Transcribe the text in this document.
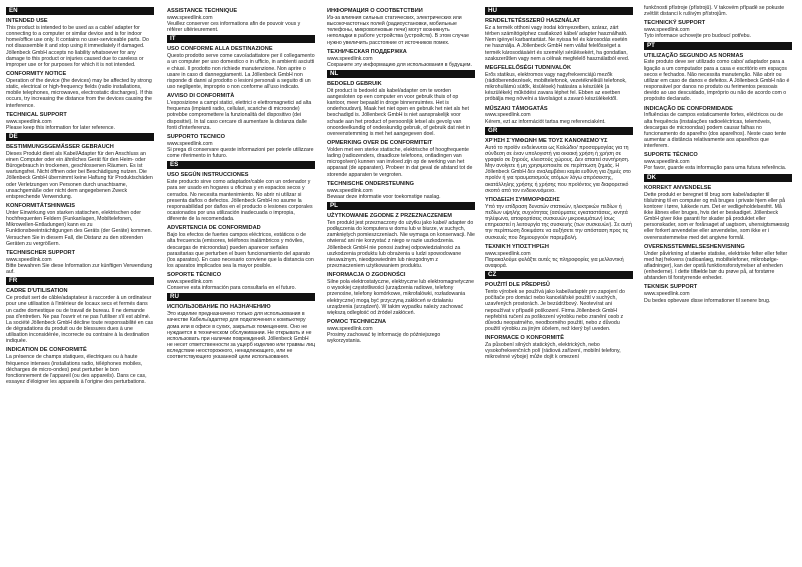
EN
INTENDED USE
This product is intended to be used as a cable/ adapter for connecting to a computer or similar device and is for indoor home/office use only. It contains no user-serviceable parts. Do not disassemble it and stop using it immediately if damaged. Jöllenbeck GmbH accepts no liability whatsoever for any damage to this product or injuries caused due to careless or improper use or for purposes for which it is not intended.
CONFORMITY NOTICE
Operation of the device (the devices) may be affected by strong static, electrical or high-frequency fields (radio installations, mobile telephones, microwaves, electrostatic discharges). If this occurs, try increasing the distance from the devices causing the interference.
TECHNICAL SUPPORT
www.speedlink.com
Please keep this information for later reference.
DE
BESTIMMUNGSGEMÄSSER GEBRAUCH
Dieses Produkt dient als Kabel/Adapter für den Anschluss an einen Computer oder ein ähnliches Gerät für den Heim- oder Bürogebrauch in trockenen, geschlossenen Räumen. Es ist wartungsfrei. Nicht öffnen oder bei Beschädigung nutzen. Die Jöllenbeck GmbH übernimmt keine Haftung für Produktschäden oder Verletzungen von Personen durch unachtsame, unsachgemäße oder nicht dem angegebenen Zweck entsprechende Verwendung.
KONFORMITÄTSHINWEIS
Unter Einwirkung von starken statischen, elektrischen oder hochfrequenten Feldern (Funkanlagen, Mobiltelefonen, Mikrowellen-Entladungen) kann es zu Funktionsbeeinträchtigungen des Geräts (der Geräte) kommen. Versuchen Sie in diesem Fall, die Distanz zu den störenden Geräten zu vergrößern.
TECHNISCHER SUPPORT
www.speedlink.com
Bitte bewahren Sie diese Information zur künftigen Verwendung auf.
FR
CADRE D'UTILISATION
Ce produit sert de câble/adaptateur à raccorder à un ordinateur pour une utilisation à l'intérieur de locaux secs et fermés dans un cadre domestique ou de travail de bureau. Il ne demande pas d'entretien. Ne pas l'ouvrir et ne pas l'utiliser s'il est abîmé. La société Jöllenbeck GmbH décline toute responsabilité en cas de dégradations du produit ou de blessures dues à une utilisation inconsidérée, incorrecte ou contraire à la destination indiquée.
INDICATION DE CONFORMITÉ
La présence de champs statiques, électriques ou à haute fréquence intenses (installations radio, téléphones mobiles, décharges de micro-ondes) peut perturber le bon fonctionnement de l'appareil (ou des appareils). Dans ce cas, essayez d'éloigner les appareils à l'origine des perturbations.
ASSISTANCE TECHNIQUE
www.speedlink.com
Veuillez conserver ces informations afin de pouvoir vous y référer ultérieurement.
IT
USO CONFORME ALLA DESTINAZIONE
Questo prodotto serve come cavo/adattatore per il collegamento a un computer per uso domestico o in ufficio, in ambienti asciutti e chiusi. Il prodotto non richiede manutenzione. Non aprire o usare in caso di danneggiamenti. La Jöllenbeck GmbH non risponde di danni al prodotto o lesioni personali a seguito di un uso negligente, improprio o non conforme all'uso indicato.
AVVISO DI CONFORMITÀ
L'esposizione a campi statici, elettrici o elettromagnetici ad alta frequenza (impianti radio, cellulari, scariche di microonde) potrebbe compromettere la funzionalità del dispositivo (dei dispositivi). In tal caso cercare di aumentare la distanza dalle fonti d'interferenza.
SUPPORTO TECNICO
www.speedlink.com
Si prega di conservare queste informazioni per poterle utilizzare come riferimento in futuro.
ES
USO SEGÚN INSTRUCCIONES
Este producto sirve como adaptador/cable con un ordenador y para ser usado en hogares u oficinas y en espacios secos y cerrados. No necesita mantenimiento. No abrir ni utilizar si presenta daños o defectos. Jöllenbeck GmbH no asume la responsabilidad por daños en el producto o lesiones corporales ocasionados por una utilización inadecuada o impropia, diferente de la recomendada.
ADVERTENCIA DE CONFORMIDAD
Bajo los efectos de fuertes campos eléctricos, estáticos o de alta frecuencia (emisores, teléfonos inalámbricos y móviles, descargas de microondas) pueden aparecer señales parasitarias que perturben el buen funcionamiento del aparato (los aparatos). En caso necesario conviene que la distancia con los aparatos implicados sea la mayor posible.
SOPORTE TÉCNICO
www.speedlink.com
Conserve esta información para consultarla en el futuro.
RU
ИСПОЛЬЗОВАНИЕ ПО НАЗНАЧЕНИЮ
Это изделие предназначено только для использования в качестве Кабель/адаптер для подключения к компьютеру дома или в офисе в сухих, закрытых помещениях. Оно не нуждается в техническом обслуживании. Не открывать и не использовать при наличии повреждений. Jöllenbeck GmbH не несет ответственности за ущерб изделию или травмы лиц вследствие неосторожного, ненадлежащего, или не соответствующего указанной цели использования.
ИНФОРМАЦИЯ О СООТВЕТСТВИИ
Из-за влияния сильных статических, электрических или высокочастотных полей (радиоустановки, мобильные телефоны, микроволновые печи) могут возникнуть неполадки в работе устройства (устройств). В этом случае нужно увеличить расстояние от источников помех.
ТЕХНИЧЕСКАЯ ПОДДЕРЖКА
www.speedlink.com
Сохраните эту информацию для использования в будущем.
NL
BEDOELD GEBRUIK
Dit product is bedoeld als kabel/adapter om te worden aangesloten op een computer en voor gebruik thuis of op kantoor, meer bepaald in droge binnenruimtes. Het is onderhoudsvrij. Maak het niet open en gebruik het niet als het beschadigd is. Jöllenbeck GmbH is niet aansprakelijk voor schade aan het product of persoonlijk letsel als gevolg van onoordeelkundig of ondeskundig gebruik, of gebruik dat niet in overeenstemming is met het aangegeven doel.
OPMERKING OVER DE CONFORMITEIT
Volden met een sterke statische, elektrische of hoogfrequente lading (radiozenders, draadloze telefoons, ontladingen van microgolven) kunnen van invloed zijn op de werking van het apparaat (de apparaten). Probeer in dat geval de afstand tot de storende apparaten te vergroten.
TECHNISCHE ONDERSTEUNING
www.speedlink.com
Bewaar deze informatie voor toekomstige naslag.
PL
UŻYTKOWANIE ZGODNE Z PRZEZNACZENIEM
Ten produkt jest przeznaczony do użytku jako kabel/ adapter do podłączenia do komputera w domu lub w biurze, w suchych, zamkniętych pomieszczeniach. Nie wymaga on konserwacji. Nie otwierać ani nie korzystać z niego w razie uszkodzenia. Jöllenbeck GmbH nie ponosi żadnej odpowiedzialności za uszkodzenia produktu lub obrażenia u ludzi spowodowane nieuważnym, nieodpowiednim lub niezgodnym z przeznaczeniem użytkowaniem produktu.
INFORMACJA O ZGODNOŚCI
Silne pola elektrostatyczne, elektryczne lub elektromagnetyczne o wysokiej częstotliwości (urządzenia radiowe, telefony przenośne, telefony komórkowe, mikrofalówki, rozładowania elektryczne) mogą być przyczyną zakłóceń w działaniu urządzenia (urządzeń). W takim wypadku należy zachować większą odległość od źródeł zakłóceń.
POMOC TECHNICZNA
www.speedlink.com
Prosimy zachować tę informację do późniejszego wykorzystania.
HU
RENDELTETÉSSZERŰ HASZNÁLAT
Ez a termék otthoni vagy irodai környezetben, száraz, zárt térben számítógéphez csatlakozó kábel/ adapter használható. Nem igényel karbantartást. Ne nyissa fel és károsodás esetén ne használja. A Jöllenbeck GmbH nem vállal felelősséget a termék károsodásáért és személyi sérülésekért, ha gondatlan, szakszerűtlen vagy nem a célnak megfelelő használatból ered.
MEGFELELŐSÉGI TUDNIVALÓK
Erős statikus, elektromos vagy nagyfrekvenciájú mezők (rádióberendezések, mobiltelefonok, vezetéknélküli telefonok, mikrohullámú sütők, kisülések) hatására a készülék (a készülékek) működési zavara léphet fel. Ebben az esetben próbálja meg növelni a távolságot a zavaró készülékektől.
MŰSZAKI TÁMOGATÁS
www.speedlink.com
Kérem, ezt az információt tartsa meg referenciaként.
GR
ΧΡΉΣΗ ΣΎΜΦΩΝΗ ΜΕ ΤΟΥΣ ΚΑΝΟΝΙΣΜΟΎΣ
Αυτό το προϊόν ενδείκνυται ως Καλώδιο/ προσαρμογέας για τη σύνδεση σε έναν υπολογιστή για οικιακή χρήση ή χρήση σε γραφείο σε ξηρούς, κλειστούς χώρους. Δεν απαιτεί συντήρηση. Μην ανοίγετε ή μη χρησιμοποιείτε σε περίπτωση ζημιάς. Η Jöllenbeck GmbH δεν αναλαμβάνει καμία ευθύνη για ζημιές στο προϊόν ή για τραυματισμούς ατόμων λόγω απρόσεκτης, ακατάλληλης χρήσης ή χρήσης που προϊόντος για διαφορετικό σκοπό από τον ενδεικνυόμενο.
ΥΠΟΔΕΙΞΗ ΣΥΜΜΟΡΦΩΣΗΣ
Υπό την επίδραση δυνατών στατικών, ηλεκτρικών πεδίων ή πεδίων υψηλής συχνότητας (ασύρματες εγκαταστάσεις, κινητά τηλέφωνα, αποφορτίσεις συσκευών μικροκυμάτων) ίσως επηρεαστεί η λειτουργία της συσκευής (των συσκευών). Σε αυτή την περίπτωση δοκιμάστε να αυξήσετε την απόσταση προς τις συσκευές που δημιουργούν παρεμβολή.
ΤΕΧΝΙΚΉ ΥΠΟΣΤΉΡΙΞΗ
www.speedlink.com
Παρακαλούμε φυλάξτε αυτές τις πληροφορίες για μελλοντική αναφορά.
CZ
POUŽITÍ DLE PŘEDPISŮ
Tento výrobek se používá jako kabel/adaptér pro zapojení do počítače pro domácí nebo kancelářské použití v suchých, uzavřených prostorách. Je bezúdržbový. Neotevírat ani nepoužívat v případě poškození. Firma Jöllenbeck GmbH nepřebírá ručení za poškození výrobku nebo zranění osob z důvodu neopatrného, neodborného použití, nebo z důvodu použití výrobku za jiným účelem, než který byl uveden.
INFORMACE O KONFORMITĚ
Za působení silných statických, elektrických, nebo vysokofrekvenčních polí (rádiová zařízení, mobilní telefony, mikrovlnné výboje) může dojít k omezení
funkčnosti přístroje (přístrojů). V takovém případě se pokuste zvětšit distanci k rušivým přístrojům.
TECHNICKÝ SUPPORT
www.speedlink.com
Tyto informace uchovejte pro budoucí potřebu.
PT
UTILIZAÇÃO SEGUNDO AS NORMAS
Este produto deve ser utilizado como cabo/ adaptador para a ligação a um computador para a casa e escritório em espaços secos e fechados. Não necessita manutenção. Não abrir ou utilizar em caso de danos e defeitos. A Jöllenbeck GmbH não é responsável por danos no produto ou ferimentos pessoais devido ao uso descuidado, impróprio ou não de acordo com o propósito declarado.
INDICAÇÃO DE CONFORMIDADE
Influências de campos estaticamente fortes, eléctricos ou de alta frequência (instalações radioeléctricas, telemóveis, descargas de microondas) podem causar falhas no funcionamento do aparelho (dos aparelhos). Neste caso tente aumentar a distância relativamente aos aparelhos que interferem.
SUPORTE TÉCNICO
www.speedlink.com
Por favor, guarde esta informação para uma futura referência.
DK
KORREKT ANVENDELSE
Dette produkt er beregnet til brug som kabel/adapter til tilslutning til en computer og må bruges i private hjem eller på kontorer i tørre, lukkede rum. Det er vedligeholdelsesfrit. Må ikke åbnes eller bruges, hvis det er beskadiget. Jöllenbeck GmbH giver ikke garanti for skader på produktet eller personskader, som er forårsaget af uagtsom, uhensigtsmæssig eller forkert anvendelse eller anvendelse, som ikke er i overensstemmelse med det angivne formål.
OVERENSSTEMMELSESHENVISNING
Under påvirkning af stærke statiske, elektriske felter eller felter med høj frekvens (radioanlæg, mobiltelefoner, mikrobølge-afladninger), kan der opstå funktionsforstyrrelser af enheden (enhederne). I dette tilfælde bør du prøve på, at forstørre afstanden til forstyrrende enheder.
TEKNISK SUPPORT
www.speedlink.com
Du bedes opbevare disse informationer til senere brug.
